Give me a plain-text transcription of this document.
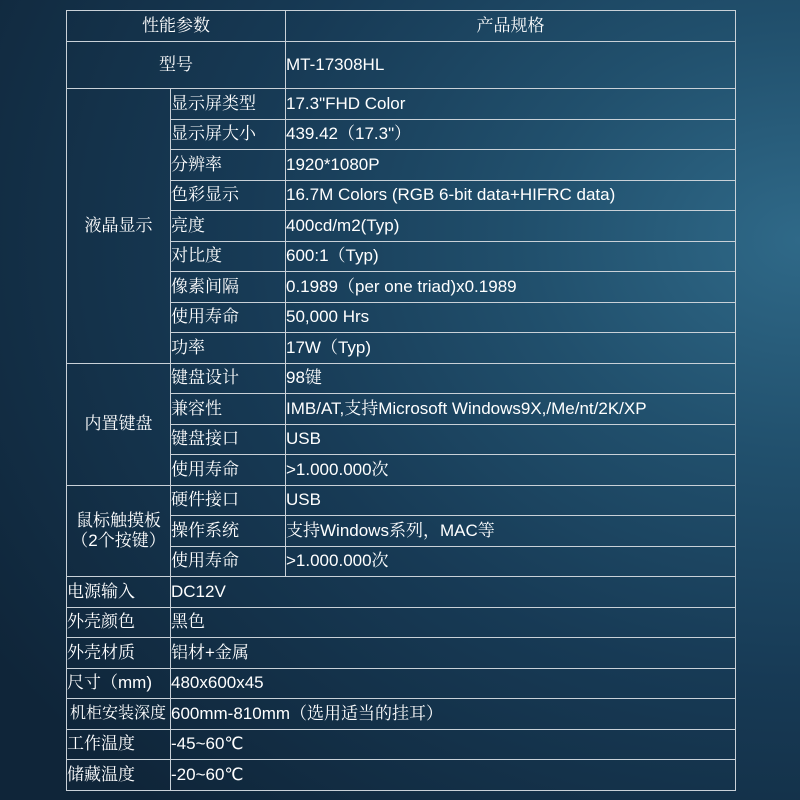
性能参数		产品规格
型号		MT-17308HL
液晶显示	显示屏类型	17.3"FHD Color
	显示屏大小	439.42（17.3"）
	分辨率	1920*1080P
	色彩显示	16.7M Colors (RGB 6-bit data+HIFRC data)
	亮度	400cd/m2(Typ)
	对比度	600:1（Typ)
	像素间隔	0.1989（per one triad)x0.1989
	使用寿命	50,000 Hrs
	功率	17W（Typ)
内置键盘	键盘设计	98键
	兼容性	IMB/AT,支持Microsoft Windows9X,/Me/nt/2K/XP
	键盘接口	USB
	使用寿命	>1.000.000次
鼠标触摸板
（2个按键）	硬件接口	USB
	操作系统	支持Windows系列，MAC等
	使用寿命	>1.000.000次
电源输入	DC12V	
外壳颜色	黑色	
外壳材质	铝材+金属	
尺寸（mm)	480x600x45	
机柜安装深度	600mm-810mm（选用适当的挂耳）	
工作温度	-45~60℃	
储藏温度	-20~60℃	
